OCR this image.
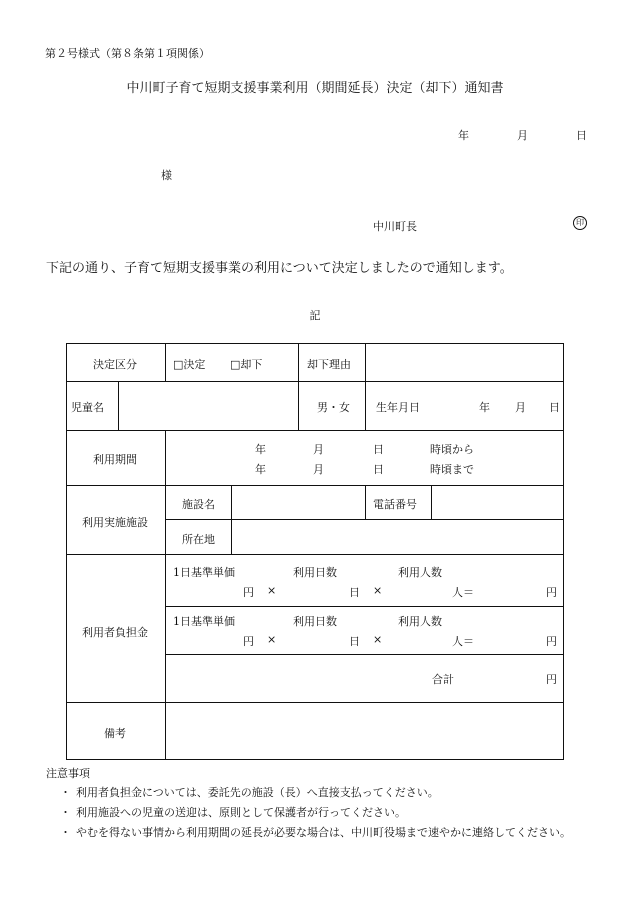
第２号様式（第８条第１項関係）
中川町子育て短期支援事業利用（期間延長）決定（却下）通知書
年	月	日
様
中川町長	印
下記の通り、子育て短期支援事業の利用について決定しましたので通知します。
記
決定区分	□決定 □却下	却下理由
児童名	男・女 生年月日	年 月 日
利用期間
年	月	日	時頃から
年	月	日	時頃まで
利用実施施設
施設名	電話番号
所在地
利用者負担金
1日基準単価	利用日数	利用人数
円 ×	日 ×	人＝	円
1日基準単価	利用日数	利用人数
円 ×	日 ×	人＝	円
合計	円
備考
注意事項
・ 利用者負担金については、委託先の施設（長）へ直接支払ってください。
・ 利用施設への児童の送迎は、原則として保護者が行ってください。
・ やむを得ない事情から利用期間の延長が必要な場合は、中川町役場まで速やかに連絡してください。
